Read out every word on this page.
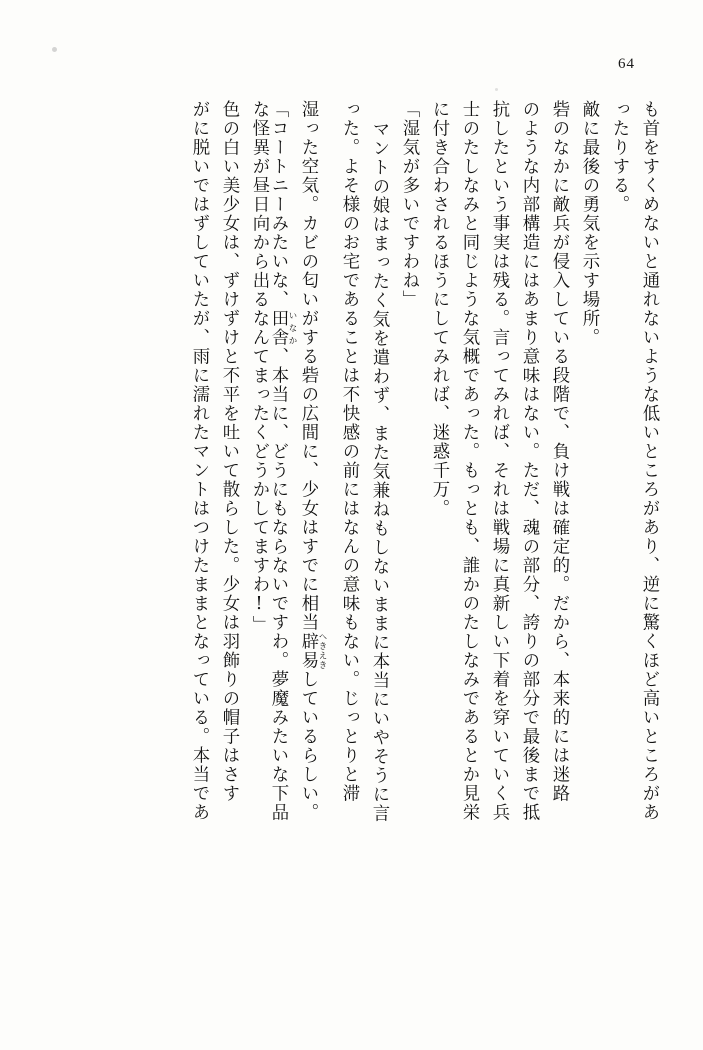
64
も首をすくめないと通れないような低いところがあり、逆に驚くほど高いところがあ
ったりする。
敵に最後の勇気を示す場所。
砦のなかに敵兵が侵入している段階で、負け戦は確定的。だから、本来的には迷路
のような内部構造にはあまり意味はない。ただ、魂の部分、誇りの部分で最後まで抵
抗したという事実は残る。言ってみれば、それは戦場に真新しい下着を穿いていく兵
士のたしなみと同じような気概であった。もっとも、誰かのたしなみであるとか見栄
に付き合わされるほうにしてみれば、迷惑千万。
「湿気が多いですわね」
マントの娘はまったく気を遣わず、また気兼ねもしないままに本当にいやそうに言
った。よそ様のお宅であることは不快感の前にはなんの意味もない。じっとりと滞
湿った空気。カビの匂いがする砦の広間に、少女はすでに相当辟易 へきえきしているらしい。
「コートニーみたいな、田舎 いなか、本当に、どうにもならないですわ。夢魔みたいな下品
な怪異が昼日向から出るなんてまったくどうかしてますわ!」
色の白い美少女は、ずけずけと不平を吐いて散らした。少女は羽飾りの帽子はさす
がに脱いではずしていたが、雨に濡れたマントはつけたままとなっている。本当であ
